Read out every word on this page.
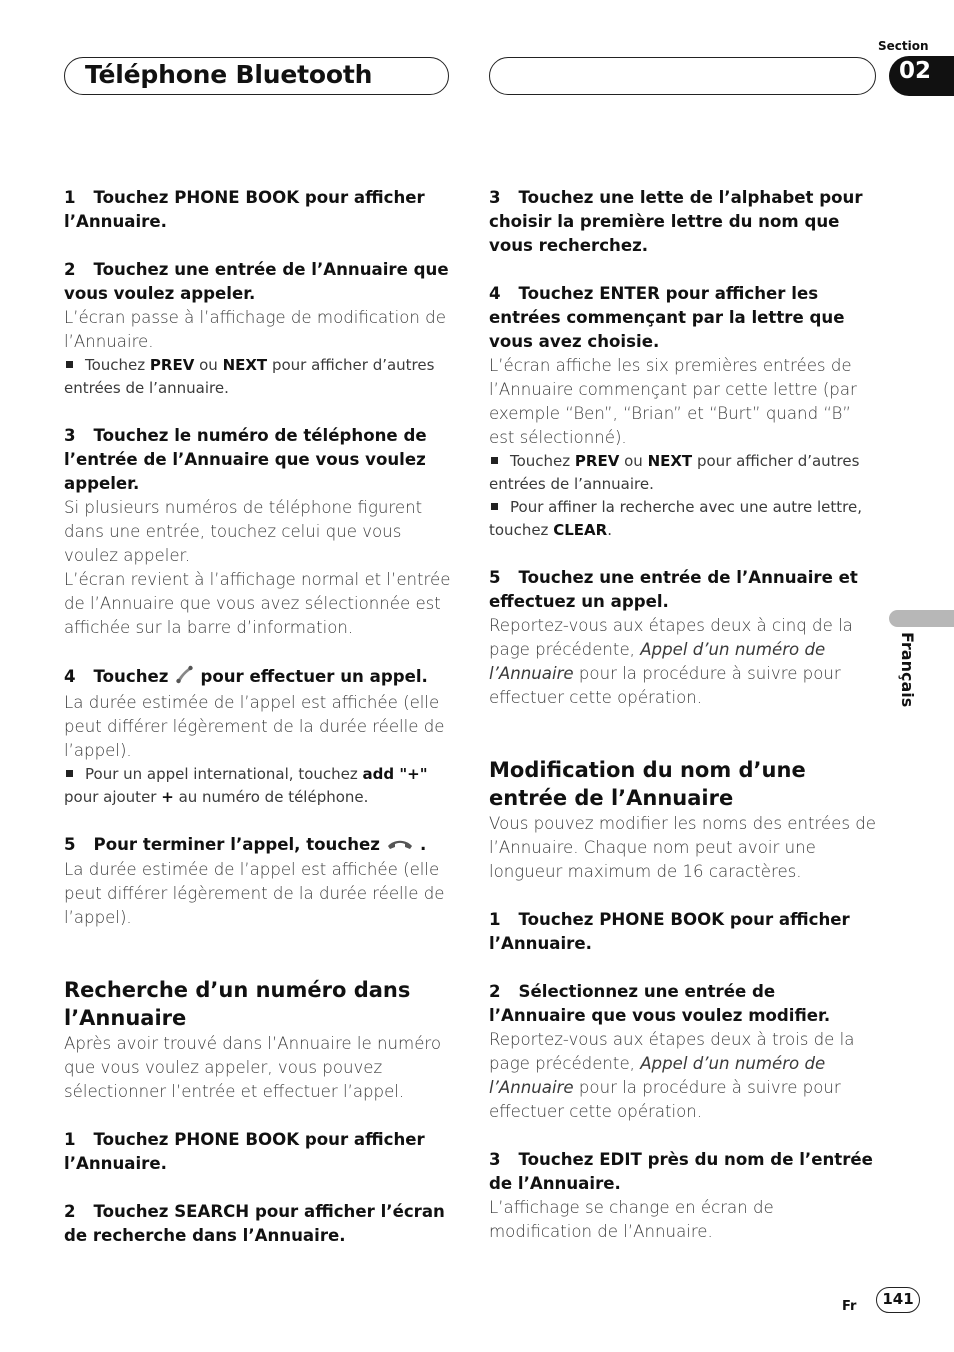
Téléphone Bluetooth
Section
02
Français

1 Touchez PHONE BOOK pour afficher l’Annuaire.

2 Touchez une entrée de l’Annuaire que vous voulez appeler.

L’écran passe à l’affichage de modification de l’Annuaire.

Touchez PREV ou NEXT pour afficher d’autres entrées de l’annuaire.

3 Touchez le numéro de téléphone de l’entrée de l’Annuaire que vous voulez appeler.

Si plusieurs numéros de téléphone figurent dans une entrée, touchez celui que vous voulez appeler.

L’écran revient à l’affichage normal et l’entrée de l’Annuaire que vous avez sélectionnée est affichée sur la barre d’information.

4 Touchez pour effectuer un appel.

La durée estimée de l’appel est affichée (elle peut différer légèrement de la durée réelle de l’appel).

Pour un appel international, touchez add "+" pour ajouter + au numéro de téléphone.

5 Pour terminer l’appel, touchez .

La durée estimée de l’appel est affichée (elle peut différer légèrement de la durée réelle de l’appel).

Recherche d’un numéro dans l’Annuaire

Après avoir trouvé dans l’Annuaire le numéro que vous voulez appeler, vous pouvez sélectionner l’entrée et effectuer l’appel.

1 Touchez PHONE BOOK pour afficher l’Annuaire.

2 Touchez SEARCH pour afficher l’écran de recherche dans l’Annuaire.

3 Touchez une lette de l’alphabet pour choisir la première lettre du nom que vous recherchez.

4 Touchez ENTER pour afficher les entrées commençant par la lettre que vous avez choisie.

L’écran affiche les six premières entrées de l’Annuaire commençant par cette lettre (par exemple “Ben”, “Brian” et “Burt” quand “B” est sélectionné).

Touchez PREV ou NEXT pour afficher d’autres entrées de l’annuaire.

Pour affiner la recherche avec une autre lettre, touchez CLEAR.

5 Touchez une entrée de l’Annuaire et effectuez un appel.

Reportez-vous aux étapes deux à cinq de la page précédente, Appel d’un numéro de l’Annuaire pour la procédure à suivre pour effectuer cette opération.

Modification du nom d’une entrée de l’Annuaire

Vous pouvez modifier les noms des entrées de l’Annuaire. Chaque nom peut avoir une longueur maximum de 16 caractères.

1 Touchez PHONE BOOK pour afficher l’Annuaire.

2 Sélectionnez une entrée de l’Annuaire que vous voulez modifier.

Reportez-vous aux étapes deux à trois de la page précédente, Appel d’un numéro de l’Annuaire pour la procédure à suivre pour effectuer cette opération.

3 Touchez EDIT près du nom de l’entrée de l’Annuaire.

L’affichage se change en écran de modification de l’Annuaire.

Fr	141
